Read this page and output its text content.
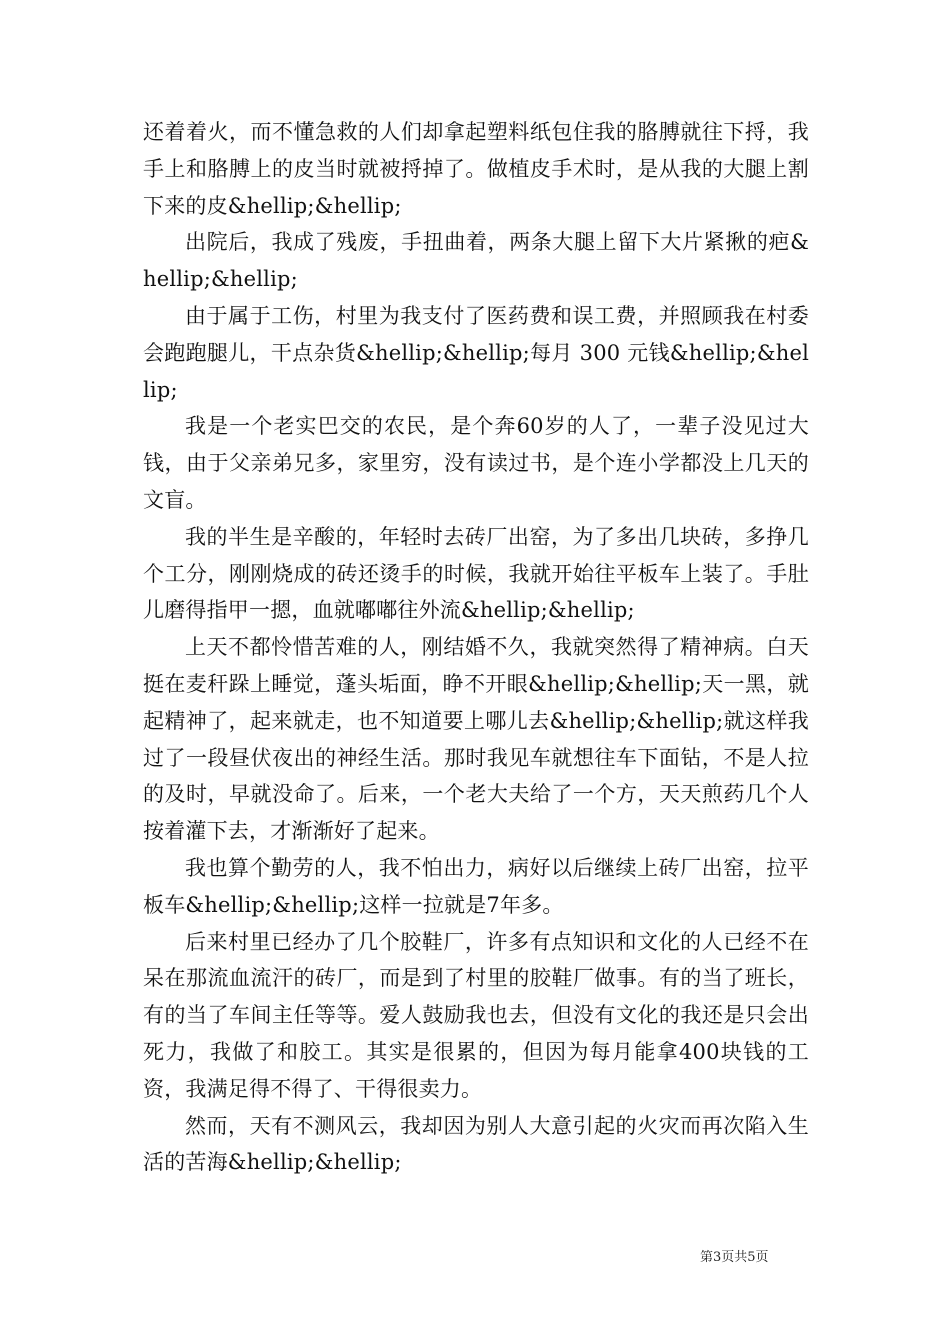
还着着火，而不懂急救的人们却拿起塑料纸包住我的胳膊就往下捋，我手上和胳膊上的皮当时就被捋掉了。做植皮手术时，是从我的大腿上割下来的皮&hellip;&hellip;

出院后，我成了残废，手扭曲着，两条大腿上留下大片紧揪的疤&hellip;&hellip;

由于属于工伤，村里为我支付了医药费和误工费，并照顾我在村委会跑跑腿儿，干点杂货&hellip;&hellip;每月 300 元钱&hellip;&hellip;

我是一个老实巴交的农民，是个奔60岁的人了，一辈子没见过大钱，由于父亲弟兄多，家里穷，没有读过书，是个连小学都没上几天的文盲。

我的半生是辛酸的，年轻时去砖厂出窑，为了多出几块砖，多挣几个工分，刚刚烧成的砖还烫手的时候，我就开始往平板车上装了。手肚儿磨得指甲一摁，血就嘟嘟往外流&hellip;&hellip;

上天不都怜惜苦难的人，刚结婚不久，我就突然得了精神病。白天挺在麦秆跺上睡觉，蓬头垢面，睁不开眼&hellip;&hellip;天一黑，就起精神了，起来就走，也不知道要上哪儿去&hellip;&hellip;就这样我过了一段昼伏夜出的神经生活。那时我见车就想往车下面钻，不是人拉的及时，早就没命了。后来，一个老大夫给了一个方，天天煎药几个人按着灌下去，才渐渐好了起来。

我也算个勤劳的人，我不怕出力，病好以后继续上砖厂出窑，拉平板车&hellip;&hellip;这样一拉就是7年多。

后来村里已经办了几个胶鞋厂，许多有点知识和文化的人已经不在呆在那流血流汗的砖厂，而是到了村里的胶鞋厂做事。有的当了班长，有的当了车间主任等等。爱人鼓励我也去，但没有文化的我还是只会出死力，我做了和胶工。其实是很累的，但因为每月能拿400块钱的工资，我满足得不得了、干得很卖力。

然而，天有不测风云，我却因为别人大意引起的火灾而再次陷入生活的苦海&hellip;&hellip;

第3页共5页
